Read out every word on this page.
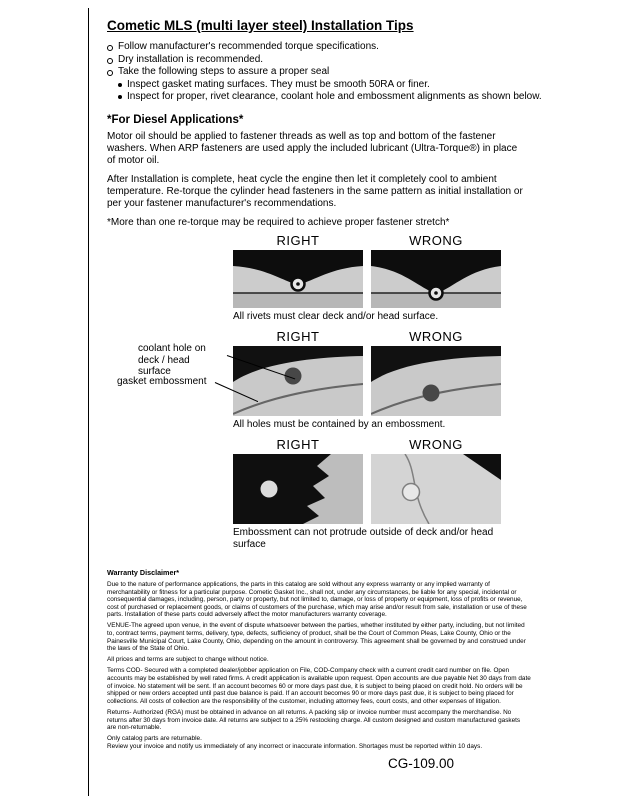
Cometic MLS (multi layer steel) Installation Tips
Follow manufacturer's recommended torque specifications.
Dry installation is recommended.
Take the following steps to assure a proper seal
Inspect gasket mating surfaces. They must be smooth 50RA or finer.
Inspect for proper, rivet clearance, coolant hole and embossment alignments as shown below.
*For Diesel Applications*

Motor oil should be applied to fastener threads as well as top and bottom of the fastener washers. When ARP fasteners are used apply the included lubricant (Ultra-Torque®) in place of motor oil.

After Installation is complete, heat cycle the engine then let it completely cool to ambient temperature. Re-torque the cylinder head fasteners in the same pattern as initial installation or per your fastener manufacturer's recommendations.

*More than one re-torque may be required to achieve proper fastener stretch*

RIGHT	WRONG

All rivets must clear deck and/or head surface.

coolant hole on deck / head surface
gasket embossment
RIGHT	WRONG

All holes must be contained by an embossment.

RIGHT	WRONG

Embossment can not protrude outside of deck and/or head surface

Warranty Disclaimer*

Due to the nature of performance applications, the parts in this catalog are sold without any express warranty or any implied warranty of merchantability or fitness for a particular purpose. Cometic Gasket Inc., shall not, under any circumstances, be liable for any special, incidental or consequential damages, including, person, party or property, but not limited to, damage, or loss of property or equipment, loss of profits or revenue, cost of purchased or replacement goods, or claims of customers of the purchase, which may arise and/or result from sale, installation or use of these parts. Installation of these parts could adversely affect the motor manufacturers warranty coverage.

VENUE-The agreed upon venue, in the event of dispute whatsoever between the parties, whether instituted by either party, including, but not limited to, contract terms, payment terms, delivery, type, defects, sufficiency of product, shall be the Court of Common Pleas, Lake County, Ohio or the Painesville Municipal Court, Lake County, Ohio, depending on the amount in controversy. This agreement shall be governed by and construed under the laws of the State of Ohio.

All prices and terms are subject to change without notice.

Terms COD- Secured with a completed dealer/jobber application on File, COD-Company check with a current credit card number on file. Open accounts may be established by well rated firms. A credit application is available upon request. Open accounts are due payable Net 30 days from date of invoice. No statement will be sent. If an account becomes 60 or more days past due, it is subject to being placed on credit hold. No orders will be shipped or new orders accepted until past due balance is paid. If an account becomes 90 or more days past due, it is subject to being placed for collections. All costs of collection are the responsibility of the customer, including attorney fees, court costs, and other expenses of litigation.

Returns- Authorized (RGA) must be obtained in advance on all returns. A packing slip or invoice number must accompany the merchandise. No returns after 30 days from invoice date. All returns are subject to a 25% restocking charge. All custom designed and custom manufactured gaskets are non-returnable.

Only catalog parts are returnable.

Review your invoice and notify us immediately of any incorrect or inaccurate information. Shortages must be reported within 10 days.

CG-109.00
